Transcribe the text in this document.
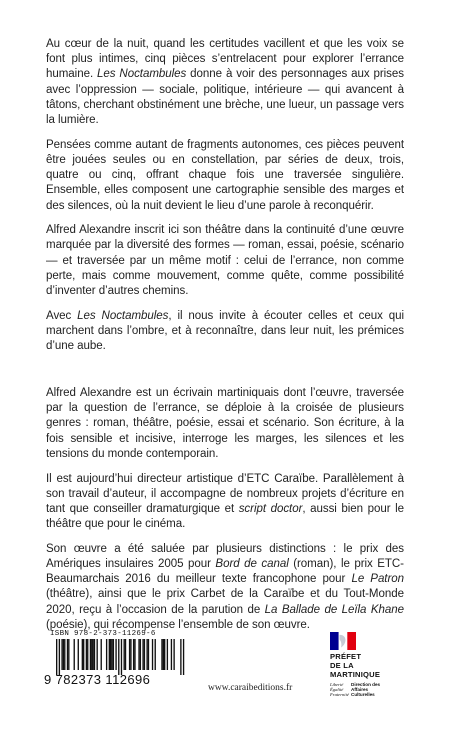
Au cœur de la nuit, quand les certitudes vacillent et que les voix se font plus intimes, cinq pièces s’entrelacent pour explorer l’errance humaine. Les Noctambules donne à voir des personnages aux prises avec l’oppression — sociale, politique, intérieure — qui avancent à tâtons, cherchant obstinément une brèche, une lueur, un passage vers la lumière.

Pensées comme autant de fragments autonomes, ces pièces peuvent être jouées seules ou en constellation, par séries de deux, trois, quatre ou cinq, offrant chaque fois une traversée singulière. Ensemble, elles composent une cartographie sensible des marges et des silences, où la nuit devient le lieu d’une parole à reconquérir.

Alfred Alexandre inscrit ici son théâtre dans la continuité d’une œuvre marquée par la diversité des formes — roman, essai, poésie, scénario — et traversée par un même motif : celui de l’errance, non comme perte, mais comme mouvement, comme quête, comme possibilité d’inventer d’autres chemins.

Avec Les Noctambules, il nous invite à écouter celles et ceux qui marchent dans l’ombre, et à reconnaître, dans leur nuit, les prémices d’une aube.

Alfred Alexandre est un écrivain martiniquais dont l’œuvre, traversée par la question de l’errance, se déploie à la croisée de plusieurs genres : roman, théâtre, poésie, essai et scénario. Son écriture, à la fois sensible et incisive, interroge les marges, les silences et les tensions du monde contemporain.

Il est aujourd’hui directeur artistique d’ETC Caraïbe. Parallèlement à son travail d’auteur, il accompagne de nombreux projets d’écriture en tant que conseiller dramaturgique et script doctor, aussi bien pour le théâtre que pour le cinéma.

Son œuvre a été saluée par plusieurs distinctions : le prix des Amériques insulaires 2005 pour Bord de canal (roman), le prix ETC-Beaumarchais 2016 du meilleur texte francophone pour Le Patron (théâtre), ainsi que le prix Carbet de la Caraïbe et du Tout-Monde 2020, reçu à l’occasion de la parution de La Ballade de Leïla Khane (poésie), qui récompense l’ensemble de son œuvre.

ISBN 978-2-373-11269-6
9 782373 112696
www.caraibeditions.fr
PRÉFET
DE LA
MARTINIQUE
Liberté
Égalité
Fraternité
Direction des
Affaires
Culturelles
